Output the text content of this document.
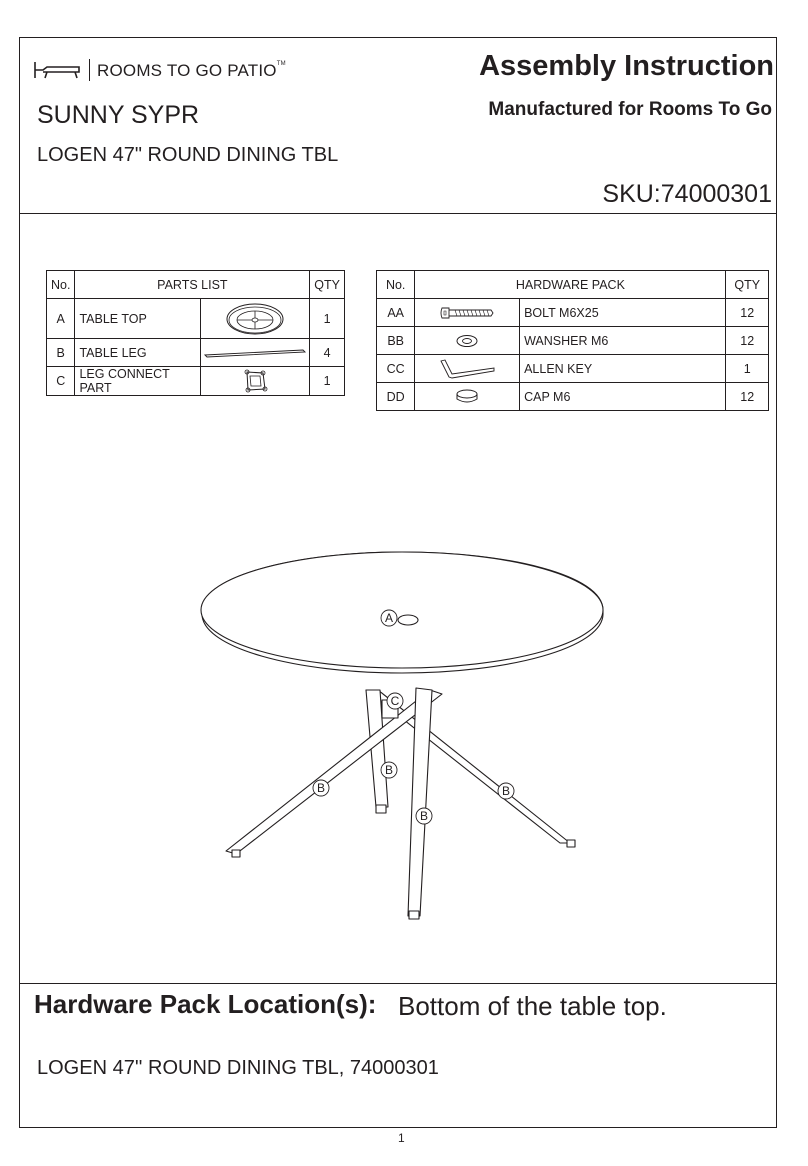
ROOMS TO GO PATIO™	Assembly Instruction
Manufactured for Rooms To Go
SUNNY SYPR
LOGEN 47" ROUND DINING TBL
SKU:74000301
No.	PARTS LIST		QTY
A	TABLE TOP		1
B	TABLE LEG		4
C	LEG CONNECT PART		1
No.	HARDWARE PACK		QTY
AA		BOLT M6X25	12
BB		WANSHER M6	12
CC		ALLEN KEY	1
DD		CAP M6	12
A
C
B
B
B
B
Hardware Pack Location(s): Bottom of the table top.
LOGEN 47'' ROUND DINING TBL, 74000301
1
